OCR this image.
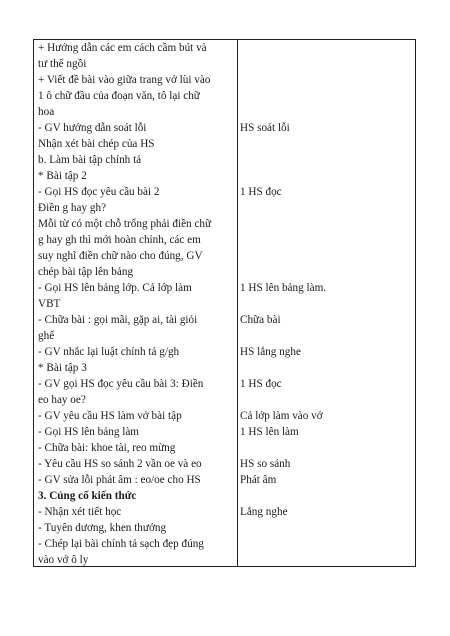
+ Hướng dẫn các em cách cầm bút và
tư thế ngồi
+ Viết đề bài vào giữa trang vở lùi vào
1 ô chữ đầu của đoạn văn, tô lại chữ
hoa
- GV hướng dẫn soát lỗi
Nhận xét bài chép của HS
b. Làm bài tập chính tả
* Bài tập 2
- Gọi HS đọc yêu cầu bài 2
Điền g hay gh?
Mỗi từ có một chỗ trống phải điền chữ
g hay gh thì mới hoàn chỉnh, các em
suy nghĩ điền chữ nào cho đúng, GV
chép bài tập lên bảng
- Gọi HS lên bảng lớp. Cả lớp làm
VBT
- Chữa bài : gọi mãi, gặp ai, tài giỏi
ghế
- GV nhắc lại luật chính tả g/gh
* Bài tập 3
- GV gọi HS đọc yêu cầu bài 3: Điền
eo hay oe?
- GV yêu cầu HS làm vở bài tập
- Gọi HS lên bảng làm
- Chữa bài: khoe tài, reo mừng
- Yêu cầu HS so sánh 2 vần oe và eo
- GV sửa lỗi phát âm : eo/oe cho HS
3. Củng cố kiến thức
- Nhận xét tiết học
- Tuyên dương, khen thưởng
- Chép lại bài chính tả sạch đẹp đúng
vào vở ô ly
HS soát lỗi
1 HS đọc
1 HS lên bảng làm.
Chữa bài
HS lắng nghe
1 HS đọc
Cả lớp làm vào vở
1 HS lên làm
HS so sánh
Phát âm
Lắng nghe
